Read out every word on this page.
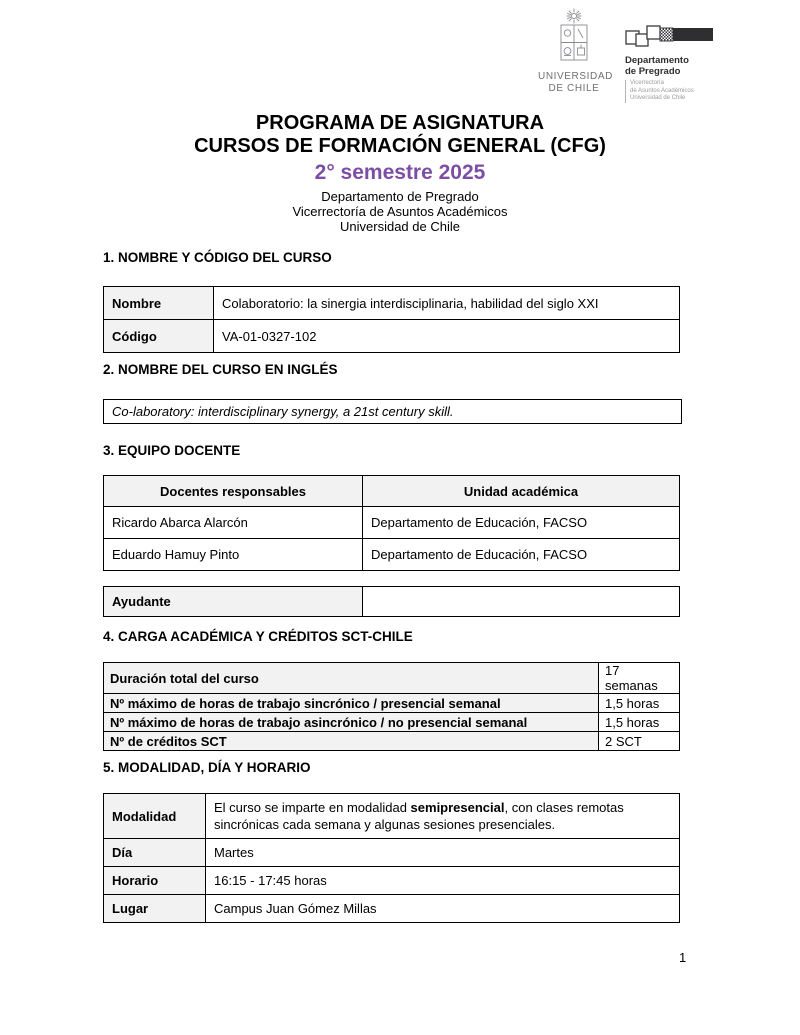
UNIVERSIDAD
DE CHILE
Departamento
de Pregrado
Vicerrectoría
de Asuntos Académicos
Universidad de Chile
PROGRAMA DE ASIGNATURA
CURSOS DE FORMACIÓN GENERAL (CFG)
2° semestre 2025
Departamento de Pregrado
Vicerrectoría de Asuntos Académicos
Universidad de Chile
1. NOMBRE Y CÓDIGO DEL CURSO
Nombre	Colaboratorio: la sinergia interdisciplinaria, habilidad del siglo XXI
Código	VA-01-0327-102
2. NOMBRE DEL CURSO EN INGLÉS
Co-laboratory: interdisciplinary synergy, a 21st century skill.
3. EQUIPO DOCENTE
Docentes responsables	Unidad académica
Ricardo Abarca Alarcón	Departamento de Educación, FACSO
Eduardo Hamuy Pinto	Departamento de Educación, FACSO
Ayudante	
4. CARGA ACADÉMICA Y CRÉDITOS SCT-CHILE
Duración total del curso	17 semanas
Nº máximo de horas de trabajo sincrónico / presencial semanal	1,5 horas
Nº máximo de horas de trabajo asincrónico / no presencial semanal	1,5 horas
Nº de créditos SCT	2 SCT
5. MODALIDAD, DÍA Y HORARIO
Modalidad	El curso se imparte en modalidad semipresencial, con clases remotas sincrónicas cada semana y algunas sesiones presenciales.
Día	Martes
Horario	16:15 - 17:45 horas
Lugar	Campus Juan Gómez Millas
1
